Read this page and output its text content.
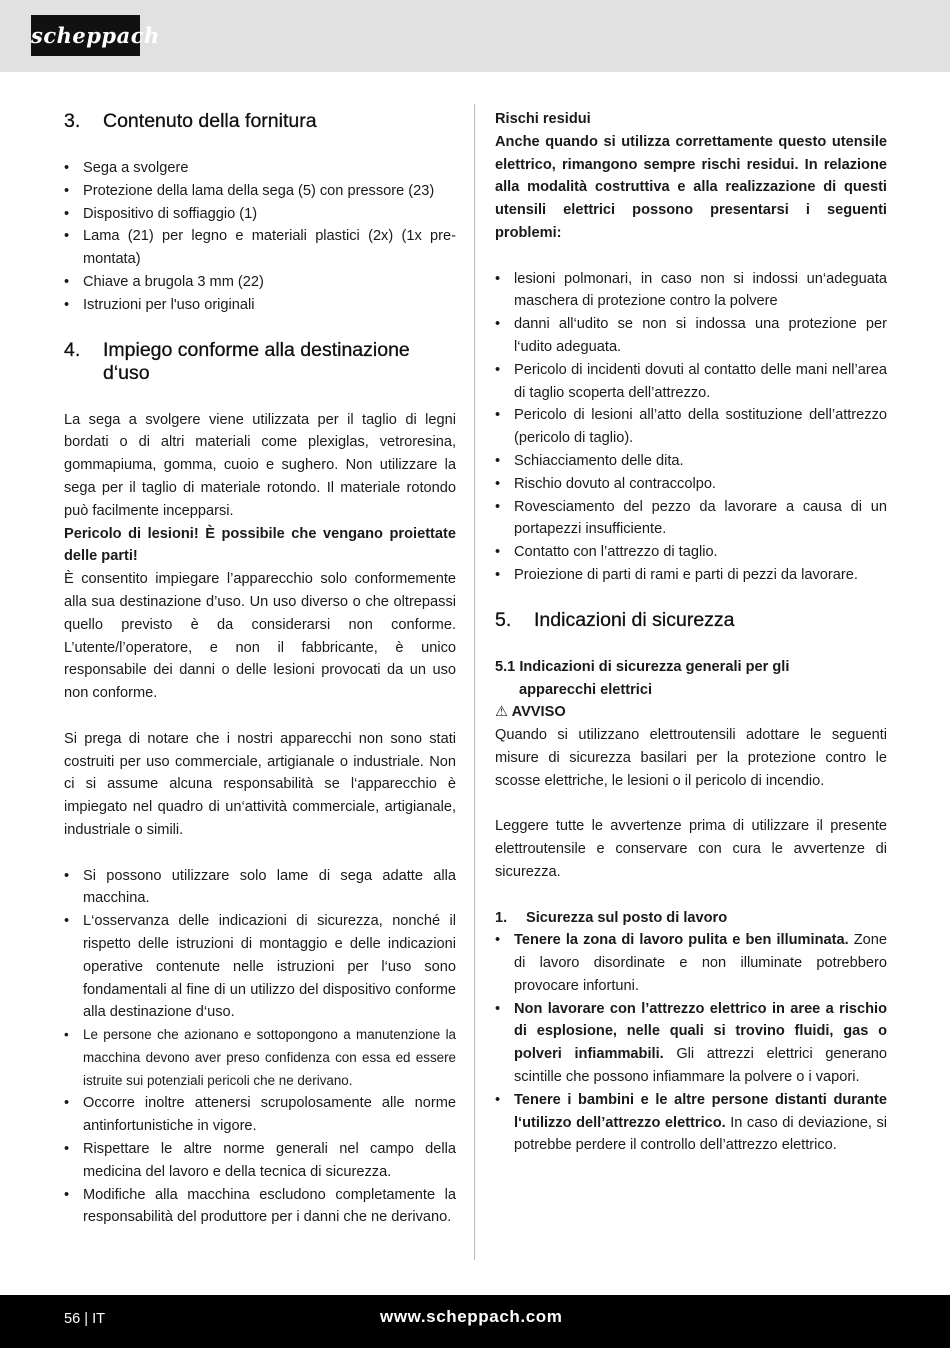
scheppach
3.	Contenuto della fornitura
• Sega a svolgere
• Protezione della lama della sega (5) con pressore (23)
• Dispositivo di soffiaggio (1)
• Lama (21) per legno e materiali plastici (2x) (1x pre-montata)
• Chiave a brugola 3 mm (22)
• Istruzioni per l'uso originali
4.	Impiego conforme alla destinazione d‘uso

La sega a svolgere viene utilizzata per il taglio di legni bordati o di altri materiali come plexiglas, vetroresina, gommapiuma, gomma, cuoio e sughero. Non utilizzare la sega per il taglio di materiale rotondo. Il materiale rotondo può facilmente incepparsi.

Pericolo di lesioni! È possibile che vengano proiettate delle parti!

È consentito impiegare l’apparecchio solo conformemente alla sua destinazione d’uso. Un uso diverso o che oltrepassi quello previsto è da considerarsi non conforme. L’utente/l’operatore, e non il fabbricante, è unico responsabile dei danni o delle lesioni provocati da un uso non conforme.

Si prega di notare che i nostri apparecchi non sono stati costruiti per uso commerciale, artigianale o industriale. Non ci si assume alcuna responsabilità se l‘apparecchio è impiegato nel quadro di un‘attività commerciale, artigianale, industriale o simili.

• Si possono utilizzare solo lame di sega adatte alla macchina.
• L‘osservanza delle indicazioni di sicurezza, nonché il rispetto delle istruzioni di montaggio e delle indicazioni operative contenute nelle istruzioni per l‘uso sono fondamentali al fine di un utilizzo del dispositivo conforme alla destinazione d‘uso.
• Le persone che azionano e sottopongono a manutenzione la macchina devono aver preso confidenza con essa ed essere istruite sui potenziali pericoli che ne derivano.
• Occorre inoltre attenersi scrupolosamente alle norme antinfortunistiche in vigore.
• Rispettare le altre norme generali nel campo della medicina del lavoro e della tecnica di sicurezza.
• Modifiche alla macchina escludono completamente la responsabilità del produttore per i danni che ne derivano.

Rischi residui

Anche quando si utilizza correttamente questo utensile elettrico, rimangono sempre rischi residui. In relazione alla modalità costruttiva e alla realizzazione di questi utensili elettrici possono presentarsi i seguenti problemi:

• lesioni polmonari, in caso non si indossi un‘adeguata maschera di protezione contro la polvere
• danni all‘udito se non si indossa una protezione per l‘udito adeguata.
• Pericolo di incidenti dovuti al contatto delle mani nell’area di taglio scoperta dell’attrezzo.
• Pericolo di lesioni all’atto della sostituzione dell’attrezzo (pericolo di taglio).
• Schiacciamento delle dita.
• Rischio dovuto al contraccolpo.
• Rovesciamento del pezzo da lavorare a causa di un portapezzi insufficiente.
• Contatto con l’attrezzo di taglio.
• Proiezione di parti di rami e parti di pezzi da lavorare.
5.	Indicazioni di sicurezza

5.1 Indicazioni di sicurezza generali per gli

apparecchi elettrici

⚠ AVVISO

Quando si utilizzano elettroutensili adottare le seguenti misure di sicurezza basilari per la protezione contro le scosse elettriche, le lesioni o il pericolo di incendio.

Leggere tutte le avvertenze prima di utilizzare il presente elettroutensile e conservare con cura le avvertenze di sicurezza.

1.	Sicurezza sul posto di lavoro
• Tenere la zona di lavoro pulita e ben illuminata. Zone di lavoro disordinate e non illuminate potrebbero provocare infortuni.
• Non lavorare con l’attrezzo elettrico in aree a rischio di esplosione, nelle quali si trovino fluidi, gas o polveri infiammabili. Gli attrezzi elettrici generano scintille che possono infiammare la polvere o i vapori.
• Tenere i bambini e le altre persone distanti durante l‘utilizzo dell’attrezzo elettrico. In caso di deviazione, si potrebbe perdere il controllo dell’attrezzo elettrico.
56 | IT	www.scheppach.com
